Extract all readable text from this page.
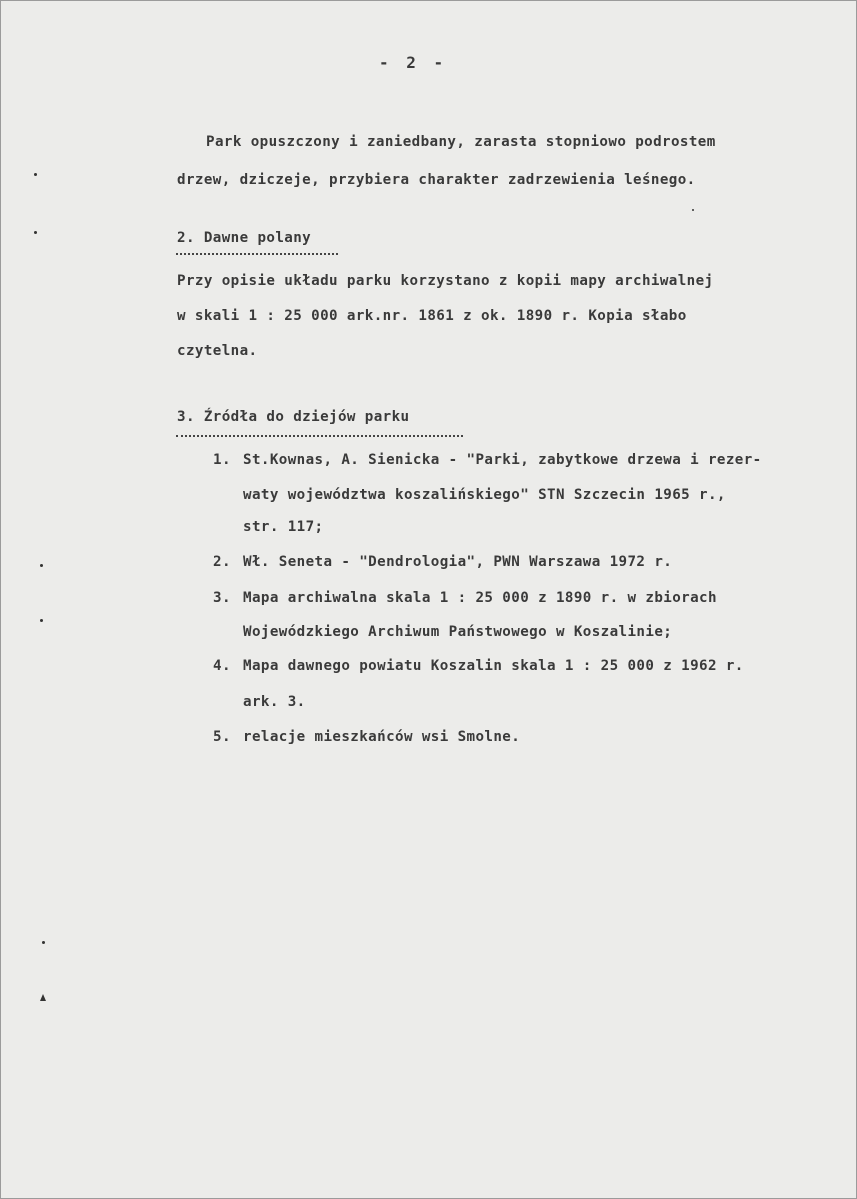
- 2 -
Park opuszczony i zaniedbany, zarasta stopniowo podrostem
drzew, dziczeje, przybiera charakter zadrzewienia leśnego.
2. Dawne polany
Przy opisie układu parku korzystano z kopii mapy archiwalnej
w skali 1 : 25 000 ark.nr. 1861 z ok. 1890 r. Kopia słabo
czytelna.
3. Źródła do dziejów parku
1. St.Kownas, A. Sienicka - "Parki, zabytkowe drzewa i rezer-
waty województwa koszalińskiego" STN Szczecin 1965 r.,
str. 117;
2. Wł. Seneta - "Dendrologia", PWN Warszawa 1972 r.
3. Mapa archiwalna skala 1 : 25 000 z 1890 r. w zbiorach
Wojewódzkiego Archiwum Państwowego w Koszalinie;
4. Mapa dawnego powiatu Koszalin skala 1 : 25 000 z 1962 r.
ark. 3.
5. relacje mieszkańców wsi Smolne.
